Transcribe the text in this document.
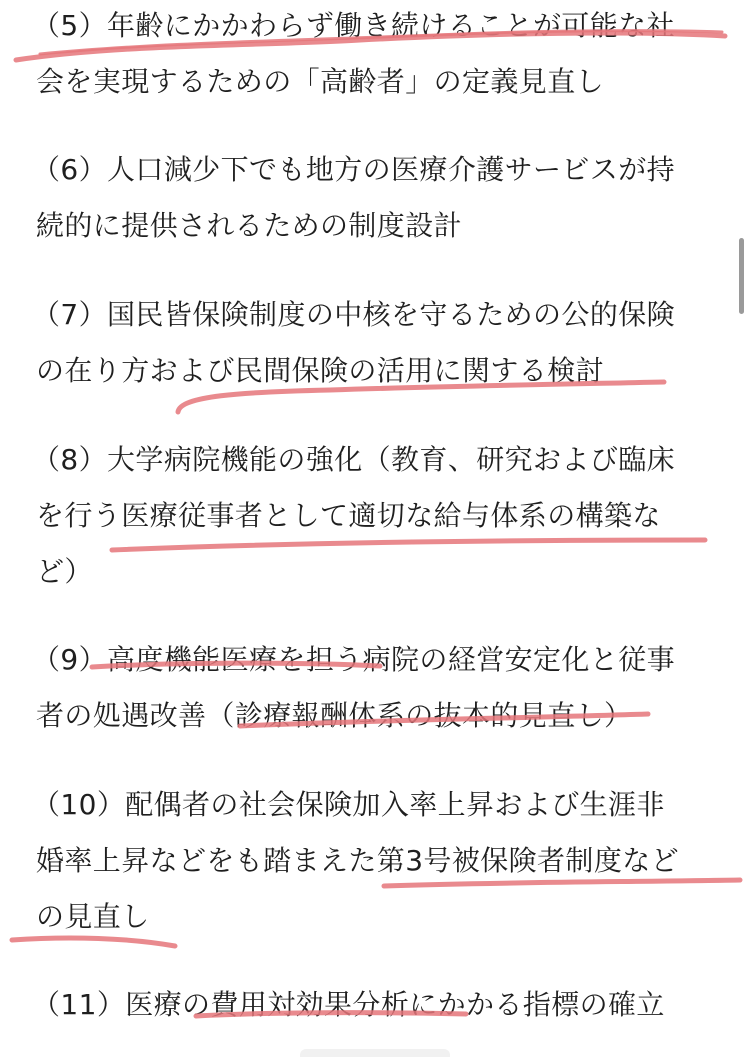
（5）年齢にかかわらず働き続けることが可能な社
会を実現するための「高齢者」の定義見直し
（6）人口減少下でも地方の医療介護サービスが持
続的に提供されるための制度設計
（7）国民皆保険制度の中核を守るための公的保険
の在り方および民間保険の活用に関する検討
（8）大学病院機能の強化（教育、研究および臨床
を行う医療従事者として適切な給与体系の構築な
ど）
（9）高度機能医療を担う病院の経営安定化と従事
者の処遇改善（診療報酬体系の抜本的見直し）
（10）配偶者の社会保険加入率上昇および生涯非
婚率上昇などをも踏まえた第3号被保険者制度など
の見直し
（11）医療の費用対効果分析にかかる指標の確立
